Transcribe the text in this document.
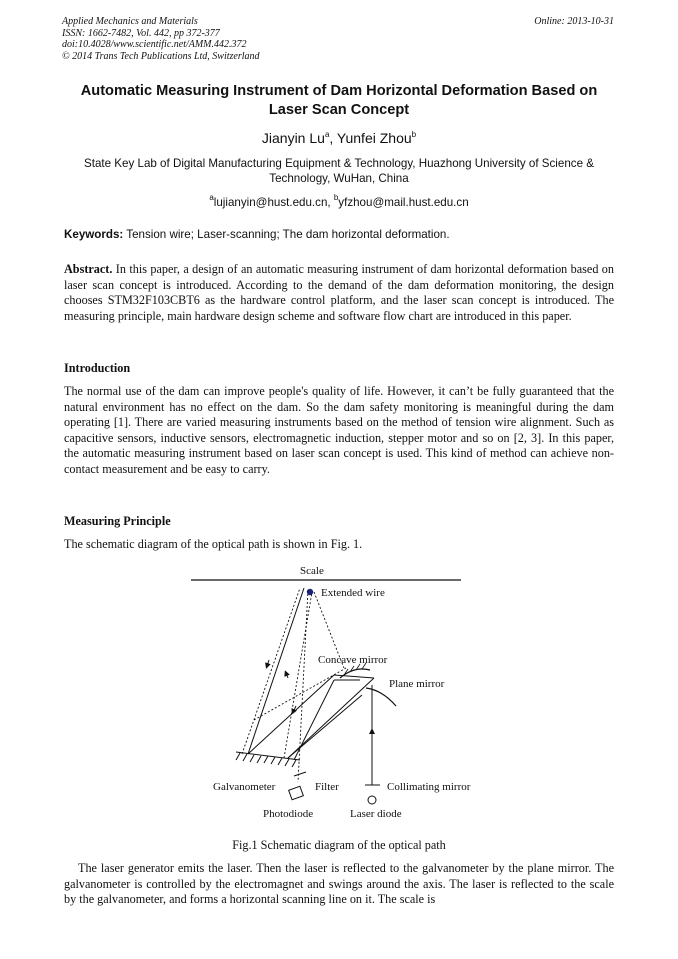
Applied Mechanics and Materials
ISSN: 1662-7482, Vol. 442, pp 372-377
doi:10.4028/www.scientific.net/AMM.442.372
© 2014 Trans Tech Publications Ltd, Switzerland
Online: 2013-10-31
Automatic Measuring Instrument of Dam Horizontal Deformation Based on Laser Scan Concept
Jianyin Lu$^a$, Yunfei Zhou$^b$
State Key Lab of Digital Manufacturing Equipment & Technology, Huazhong University of Science & Technology, WuHan, China
$^a$lujianyin@hust.edu.cn, $^b$yfzhou@mail.hust.edu.cn
Keywords: Tension wire; Laser-scanning; The dam horizontal deformation.
Abstract. In this paper, a design of an automatic measuring instrument of dam horizontal deformation based on laser scan concept is introduced. According to the demand of the dam deformation monitoring, the design chooses STM32F103CBT6 as the hardware control platform, and the laser scan concept is introduced. The measuring principle, main hardware design scheme and software flow chart are introduced in this paper.
Introduction
The normal use of the dam can improve people's quality of life. However, it can’t be fully guaranteed that the natural environment has no effect on the dam. So the dam safety monitoring is meaningful during the dam operating [1]. There are varied measuring instruments based on the method of tension wire alignment. Such as capacitive sensors, inductive sensors, electromagnetic induction, stepper motor and so on [2, 3]. In this paper, the automatic measuring instrument based on laser scan concept is used. This kind of method can achieve non-contact measurement and be easy to carry.
Measuring Principle
The schematic diagram of the optical path is shown in Fig. 1.
Scale
Extended wire
Concave mirror
Plane mirror
Galvanometer	Filter	Collimating mirror
Photodiode	Laser diode
Fig.1 Schematic diagram of the optical path
The laser generator emits the laser. Then the laser is reflected to the galvanometer by the plane mirror. The galvanometer is controlled by the electromagnet and swings around the axis. The laser is reflected to the scale by the galvanometer, and forms a horizontal scanning line on it. The scale is
